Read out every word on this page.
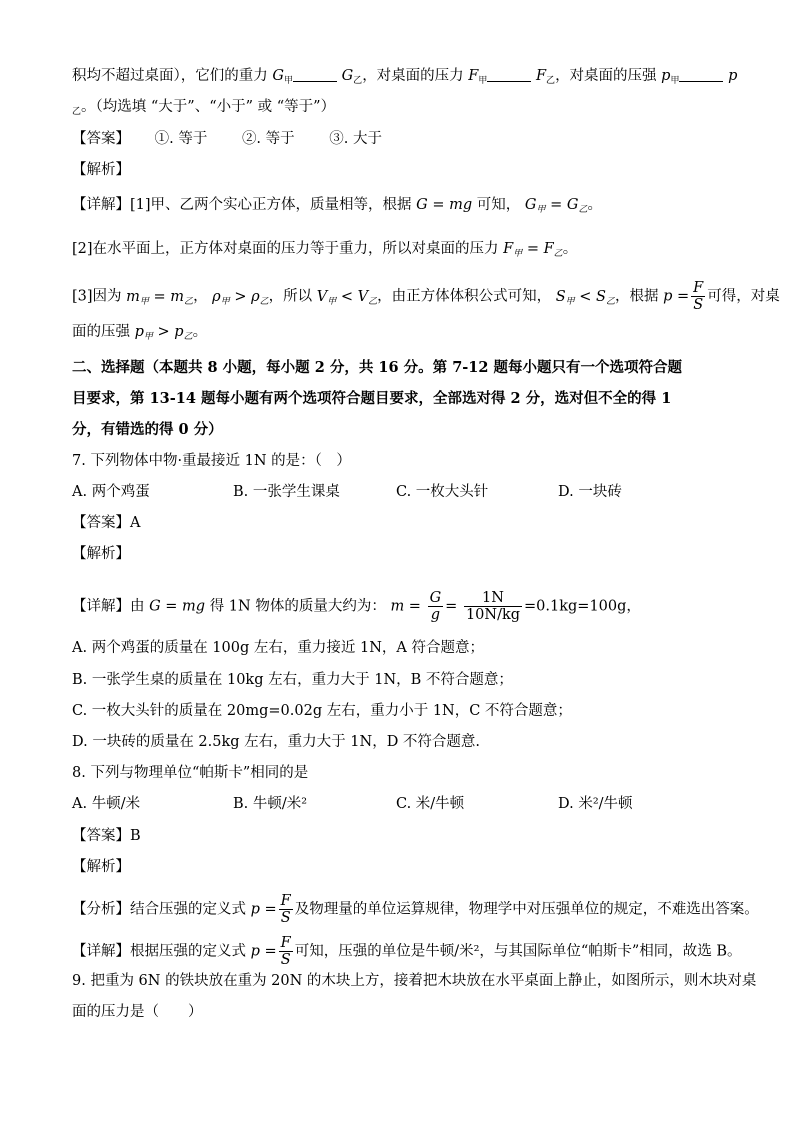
积均不超过桌面），它们的重力 $G_甲$	$G_乙$，对桌面的压力 $F_甲$	$F_乙$，对桌面的压强 $p_甲$	p
$_乙$。（均选填 “大于”、“小于” 或 “等于”）
【答案】 ①. 等于 ②. 等于 ③. 大于
【解析】
【详解】[1]甲、乙两个实心正方体，质量相等，根据 G = mg 可知， $G_甲 = G_乙$。
[2]在水平面上，正方体对桌面的压力等于重力，所以对桌面的压力 $F_甲 = F_乙$。
[3]因为 $m_甲 = m_乙$， $\rho_甲 > \rho_乙$，所以 $V_甲 < V_乙$，由正方体体积公式可知， $S_甲 < S_乙$，根据 $p = \frac{F}{S}$ 可得，对桌
面的压强 $p_甲 > p_乙$。
二、选择题（本题共 8 小题，每小题 2 分，共 16 分。第 7-12 题每小题只有一个选项符合题
目要求，第 13-14 题每小题有两个选项符合题目要求，全部选对得 2 分，选对但不全的得 1
分，有错选的得 0 分）
7. 下列物体中物·重最接近 1N 的是：（　）
A. 两个鸡蛋	B. 一张学生课桌	C. 一枚大头针	D. 一块砖
【答案】A
【解析】
【详解】由 G = mg 得 1N 物体的质量大约为： $m = \frac{G}{g} = \frac{1N}{10N/kg} =0.1kg=100g$，
A. 两个鸡蛋的质量在 100g 左右，重力接近 1N，A 符合题意；
B. 一张学生桌的质量在 10kg 左右，重力大于 1N，B 不符合题意；
C. 一枚大头针的质量在 20mg=0.02g 左右，重力小于 1N，C 不符合题意；
D. 一块砖的质量在 2.5kg 左右，重力大于 1N，D 不符合题意.
8. 下列与物理单位“帕斯卡”相同的是
A. 牛顿/米	B. 牛顿/米²	C. 米/牛顿	D. 米²/牛顿
【答案】B
【解析】
【分析】结合压强的定义式 $p = \frac{F}{S}$ 及物理量的单位运算规律，物理学中对压强单位的规定，不难选出答案。
【详解】根据压强的定义式 $p = \frac{F}{S}$ 可知，压强的单位是牛顿/米²，与其国际单位“帕斯卡”相同，故选 B。
9. 把重为 6N 的铁块放在重为 20N 的木块上方，接着把木块放在水平桌面上静止，如图所示，则木块对桌
面的压力是（　　）
